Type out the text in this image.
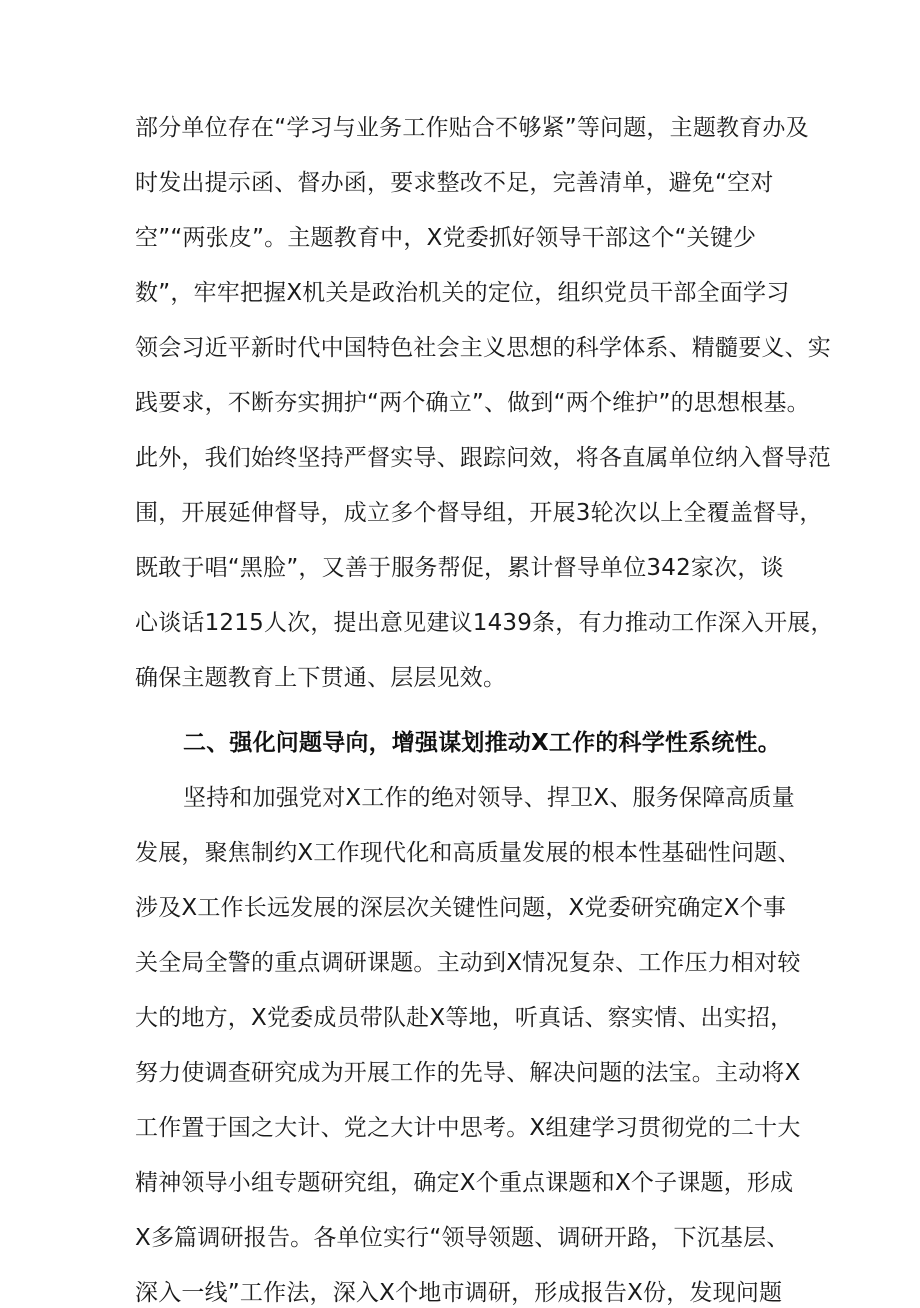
部分单位存在“学习与业务工作贴合不够紧”等问题，主题教育办及
时发出提示函、督办函，要求整改不足，完善清单，避免“空对
空”“两张皮”。主题教育中，X党委抓好领导干部这个“关键少
数”，牢牢把握X机关是政治机关的定位，组织党员干部全面学习
领会习近平新时代中国特色社会主义思想的科学体系、精髓要义、实
践要求，不断夯实拥护“两个确立”、做到“两个维护”的思想根基。
此外，我们始终坚持严督实导、跟踪问效，将各直属单位纳入督导范
围，开展延伸督导，成立多个督导组，开展3轮次以上全覆盖督导，
既敢于唱“黑脸”，又善于服务帮促，累计督导单位342家次，谈
心谈话1215人次，提出意见建议1439条，有力推动工作深入开展，
确保主题教育上下贯通、层层见效。
二、强化问题导向，增强谋划推动X工作的科学性系统性。
坚持和加强党对X工作的绝对领导、捍卫X、服务保障高质量
发展，聚焦制约X工作现代化和高质量发展的根本性基础性问题、
涉及X工作长远发展的深层次关键性问题，X党委研究确定X个事
关全局全警的重点调研课题。主动到X情况复杂、工作压力相对较
大的地方，X党委成员带队赴X等地，听真话、察实情、出实招，
努力使调查研究成为开展工作的先导、解决问题的法宝。主动将X
工作置于国之大计、党之大计中思考。X组建学习贯彻党的二十大
精神领导小组专题研究组，确定X个重点课题和X个子课题，形成
X多篇调研报告。各单位实行“领导领题、调研开路，下沉基层、
深入一线”工作法，深入X个地市调研，形成报告X份，发现问题
